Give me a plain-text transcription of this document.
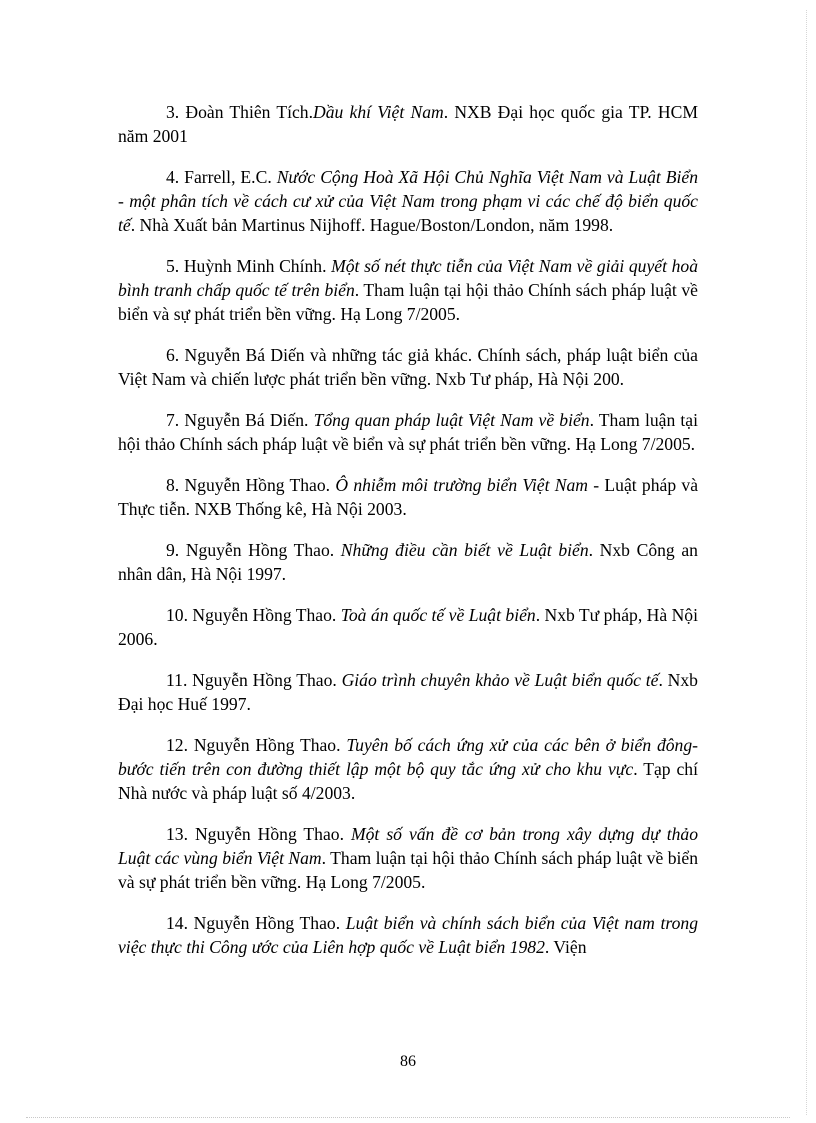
3. Đoàn Thiên Tích.Dầu khí Việt Nam. NXB Đại học quốc gia TP. HCM năm 2001

4. Farrell, E.C. Nước Cộng Hoà Xã Hội Chủ Nghĩa Việt Nam và Luật Biển - một phân tích về cách cư xử của Việt Nam trong phạm vi các chế độ biển quốc tế. Nhà Xuất bản Martinus Nijhoff. Hague/Boston/London, năm 1998.

5. Huỳnh Minh Chính. Một số nét thực tiễn của Việt Nam về giải quyết hoà bình tranh chấp quốc tế trên biển. Tham luận tại hội thảo Chính sách pháp luật về biển và sự phát triển bền vững. Hạ Long 7/2005.

6. Nguyễn Bá Diến và những tác giả khác. Chính sách, pháp luật biển của Việt Nam và chiến lược phát triển bền vững. Nxb Tư pháp, Hà Nội 200.

7. Nguyễn Bá Diến. Tổng quan pháp luật Việt Nam về biển. Tham luận tại hội thảo Chính sách pháp luật về biển và sự phát triển bền vững. Hạ Long 7/2005.

8. Nguyễn Hồng Thao. Ô nhiễm môi trường biển Việt Nam - Luật pháp và Thực tiễn. NXB Thống kê, Hà Nội 2003.

9. Nguyễn Hồng Thao. Những điều cần biết về Luật biển. Nxb Công an nhân dân, Hà Nội 1997.

10. Nguyễn Hồng Thao. Toà án quốc tế về Luật biển. Nxb Tư pháp, Hà Nội 2006.

11. Nguyễn Hồng Thao. Giáo trình chuyên khảo về Luật biển quốc tế. Nxb Đại học Huế 1997.

12. Nguyễn Hồng Thao. Tuyên bố cách ứng xử của các bên ở biển đông-bước tiến trên con đường thiết lập một bộ quy tắc ứng xử cho khu vực. Tạp chí Nhà nước và pháp luật số 4/2003.

13. Nguyễn Hồng Thao. Một số vấn đề cơ bản trong xây dựng dự thảo Luật các vùng biển Việt Nam. Tham luận tại hội thảo Chính sách pháp luật về biển và sự phát triển bền vững. Hạ Long 7/2005.

14. Nguyễn Hồng Thao. Luật biển và chính sách biển của Việt nam trong việc thực thi Công ước của Liên hợp quốc về Luật biển 1982. Viện

86
